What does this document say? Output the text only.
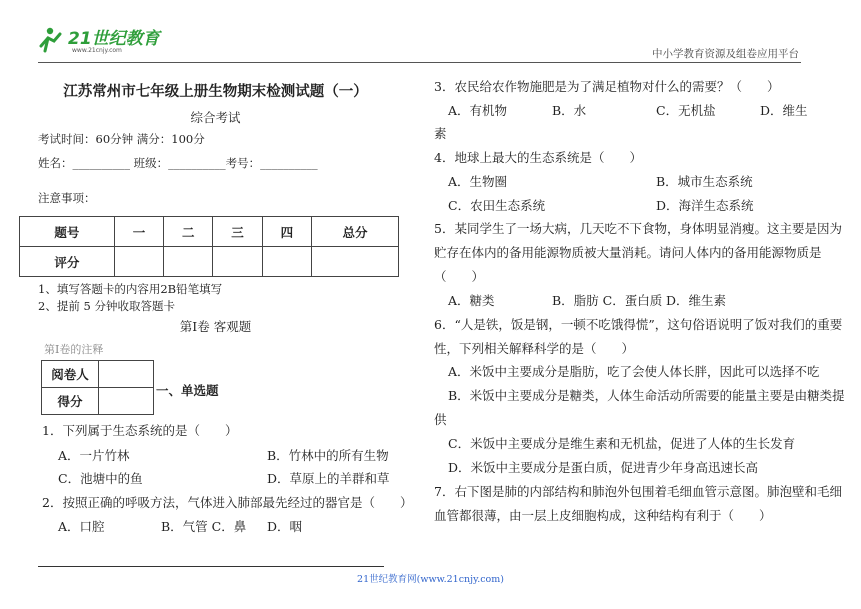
21世纪教育
www.21cnjy.com	中小学教育资源及组卷应用平台
江苏常州市七年级上册生物期末检测试题（一）
综合考试
考试时间：60分钟 满分：100分
姓名：__________ 班级：__________考号：__________
注意事项：
题号	一	二	三	四	总分
评分					
1、填写答题卡的内容用2B铅笔填写
2、提前 5 分钟收取答题卡
第Ⅰ卷 客观题
第Ⅰ卷的注释
阅卷人	
得分	
一、单选题
1．下列属于生态系统的是（　　）
A．一片竹林	B．竹林中的所有生物
C．池塘中的鱼	D．草原上的羊群和草
2．按照正确的呼吸方法，气体进入肺部最先经过的器官是（　　）
A．口腔	B．气管 C．鼻 D．咽
3．农民给农作物施肥是为了满足植物对什么的需要？（　　）
A．有机物	B．水	C．无机盐	D．维生
素
4．地球上最大的生态系统是（　　）
A．生物圈	B．城市生态系统
C．农田生态系统	D．海洋生态系统
5．某同学生了一场大病，几天吃不下食物，身体明显消瘦。这主要是因为
贮存在体内的备用能源物质被大量消耗。请问人体内的备用能源物质是
（　　）
A．糖类	B．脂肪 C．蛋白质 D．维生素
6．“人是铁，饭是钢，一顿不吃饿得慌”，这句俗语说明了饭对我们的重要
性，下列相关解释科学的是（　　）
A．米饭中主要成分是脂肪，吃了会使人体长胖，因此可以选择不吃
B．米饭中主要成分是糖类，人体生命活动所需要的能量主要是由糖类提
供
C．米饭中主要成分是维生素和无机盐，促进了人体的生长发育
D．米饭中主要成分是蛋白质，促进青少年身高迅速长高
7．右下图是肺的内部结构和肺泡外包围着毛细血管示意图。肺泡壁和毛细
血管都很薄，由一层上皮细胞构成，这种结构有利于（　　）
21世纪教育网(www.21cnjy.com)
